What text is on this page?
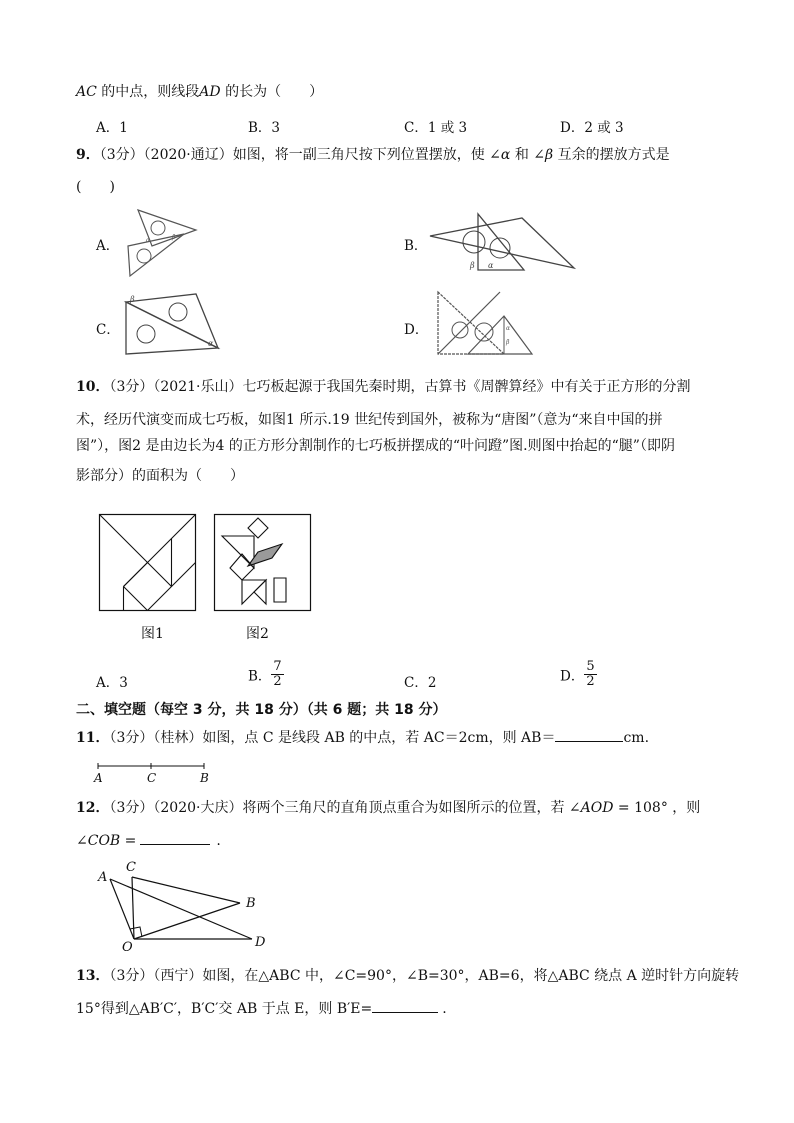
AC 的中点，则线段AD 的长为（　　）
A．1	B．3	C．1 或 3	D．2 或 3
9．（3分）（2020·通辽）如图，将一副三角尺按下列位置摆放，使 ∠α 和 ∠β 互余的摆放方式是
(　　)
A．	α	β
B．
β α
C．
β
α
D．	α
β
10．（3分）（2021·乐山）七巧板起源于我国先秦时期，古算书《周髀算经》中有关于正方形的分割
术，经历代演变而成七巧板，如图1 所示.19 世纪传到国外，被称为“唐图”（意为“来自中国的拼
图”），图2 是由边长为4 的正方形分割制作的七巧板拼摆成的“叶问蹬”图.则图中抬起的“腿”（即阴
影部分）的面积为（　　）
图1	图2
A．3	B． $\frac{7}{2}$	C．2	D． $\frac{5}{2}$
二、填空题（每空 3 分，共 18 分）（共 6 题；共 18 分）
11．（3分）（桂林）如图，点 C 是线段 AB 的中点，若 AC＝2cm，则 AB＝	cm.
A	C	B
12．（3分）（2020·大庆）将两个三角尺的直角顶点重合为如图所示的位置，若 ∠AOD = 108° ，则
∠COB =	.
A
C
B
D
O
13．（3分）（西宁）如图，在△ABC 中，∠C=90°，∠B=30°，AB=6，将△ABC 绕点 A 逆时针方向旋转
15°得到△AB′C′，B′C′交 AB 于点 E，则 B′E=	.
